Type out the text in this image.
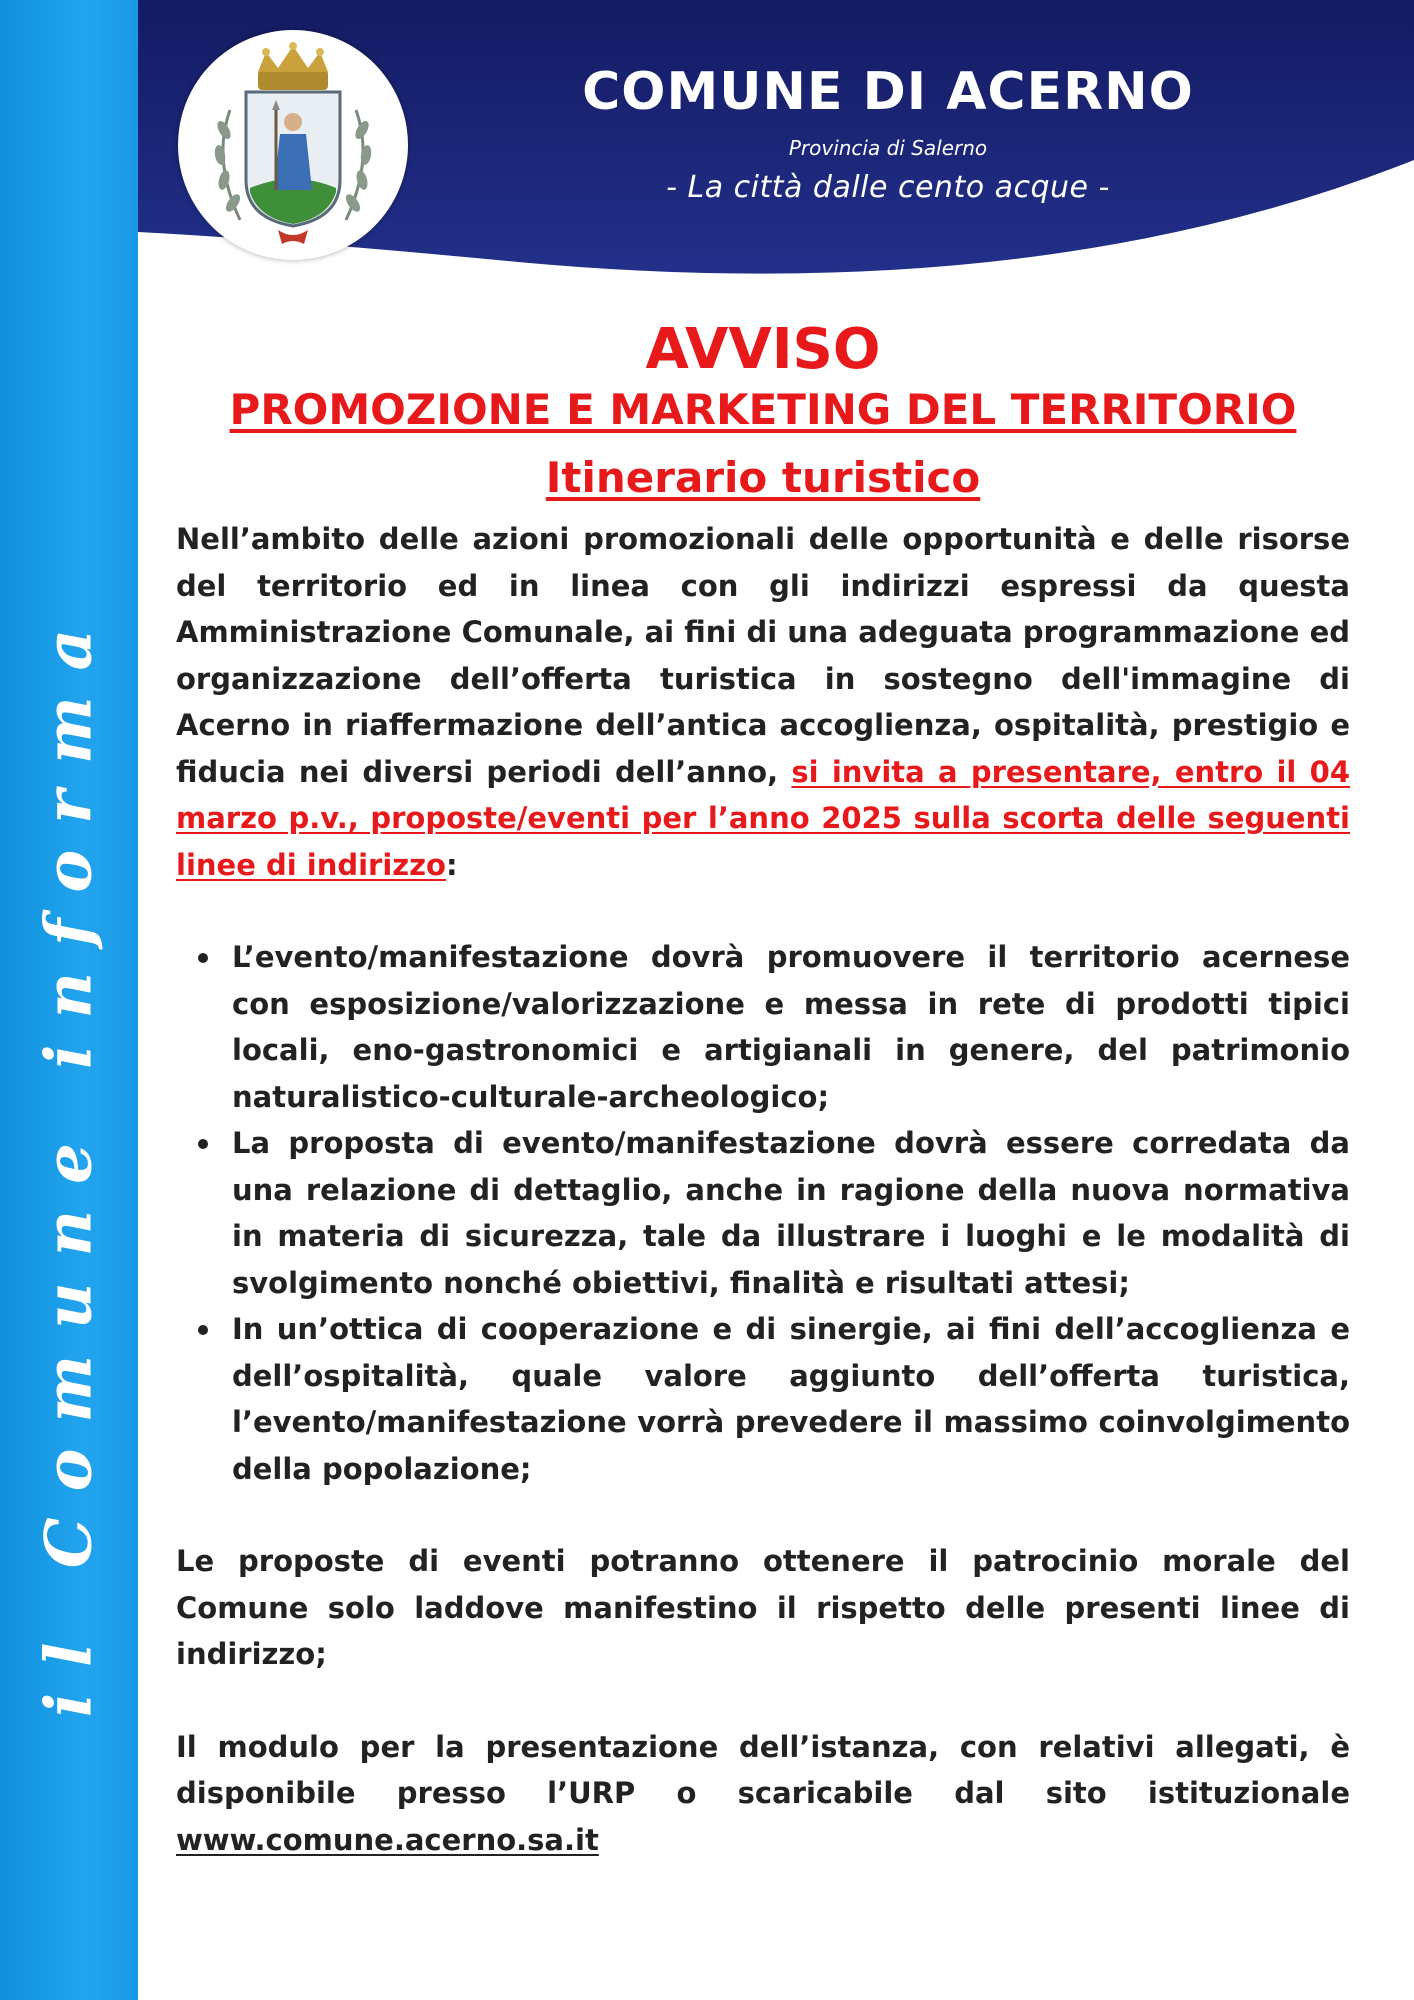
il Comune informa
COMUNE DI ACERNO
Provincia di Salerno
- La città dalle cento acque -
AVVISO
PROMOZIONE E MARKETING DEL TERRITORIO
Itinerario turistico

Nell’ambito delle azioni promozionali delle opportunità e delle risorse del territorio ed in linea con gli indirizzi espressi da questa Amministrazione Comunale, ai fini di una adeguata programmazione ed organizzazione dell’offerta turistica in sostegno dell'immagine di Acerno in riaffermazione dell’antica accoglienza, ospitalità, prestigio e fiducia nei diversi periodi dell’anno, si invita a presentare, entro il 04 marzo p.v., proposte/eventi per l’anno 2025 sulla scorta delle seguenti linee di indirizzo:

L’evento/manifestazione dovrà promuovere il territorio acernese con esposizione/valorizzazione e messa in rete di prodotti tipici locali, eno-gastronomici e artigianali in genere, del patrimonio naturalistico-culturale-archeologico;
La proposta di evento/manifestazione dovrà essere corredata da una relazione di dettaglio, anche in ragione della nuova normativa in materia di sicurezza, tale da illustrare i luoghi e le modalità di svolgimento nonché obiettivi, finalità e risultati attesi;
In un’ottica di cooperazione e di sinergie, ai fini dell’accoglienza e dell’ospitalità, quale valore aggiunto dell’offerta turistica, l’evento/manifestazione vorrà prevedere il massimo coinvolgimento della popolazione;

Le proposte di eventi potranno ottenere il patrocinio morale del Comune solo laddove manifestino il rispetto delle presenti linee di indirizzo;

Il modulo per la presentazione dell’istanza, con relativi allegati, è disponibile presso l’URP o scaricabile dal sito istituzionale www.comune.acerno.sa.it
